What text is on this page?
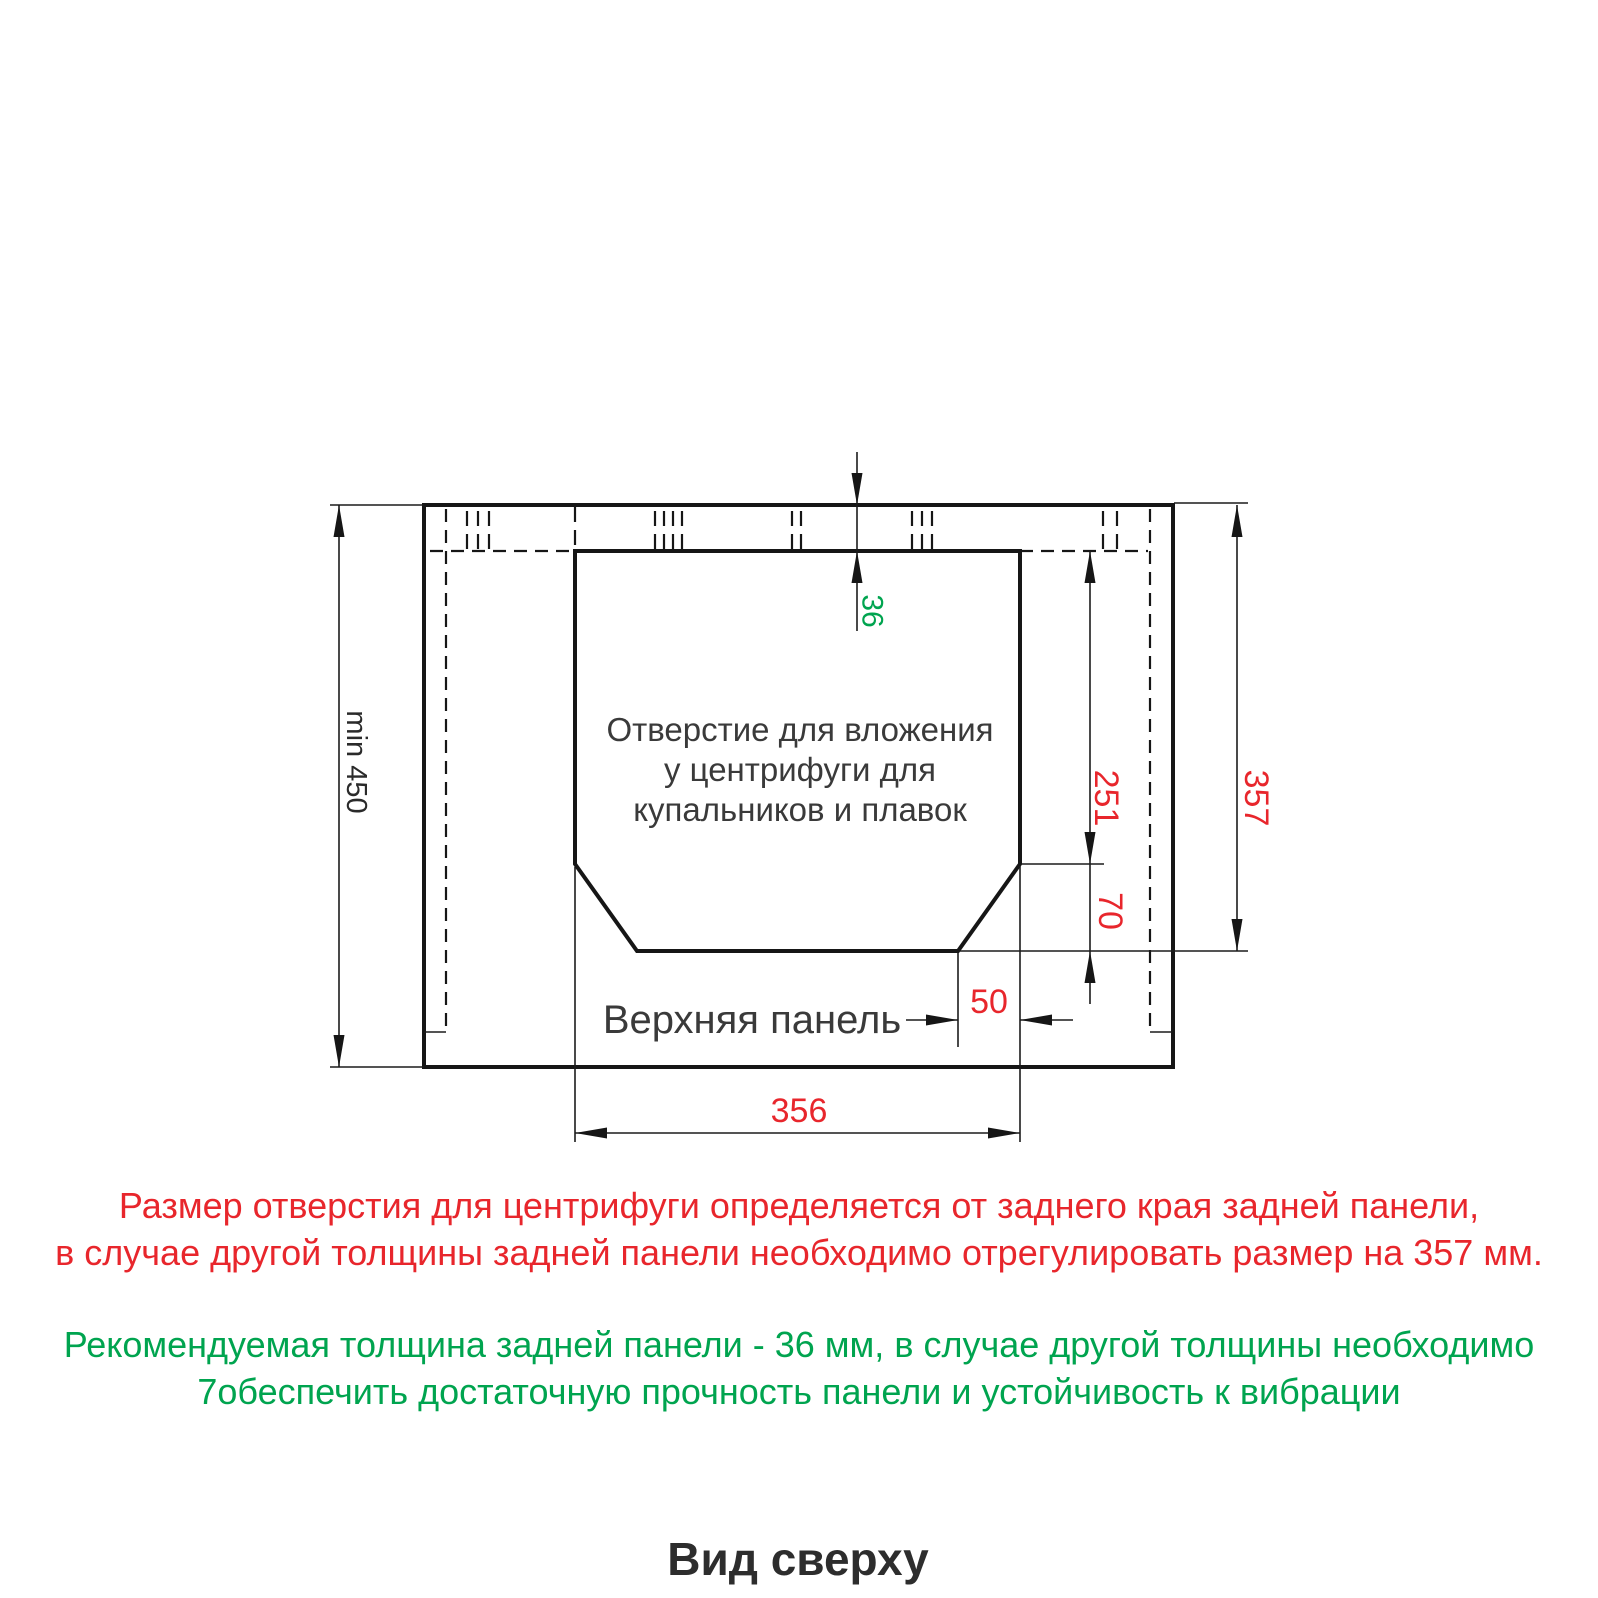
min 450
36
251	357
70
50
356
Отверстие для вложения
у центрифуги для
купальников и плавок
Верхняя панель
Размер отверстия для центрифуги определяется от заднего края задней панели,
в случае другой толщины задней панели необходимо отрегулировать размер на 357 мм.
Рекомендуемая толщина задней панели - 36 мм, в случае другой толщины необходимо
7обеспечить достаточную прочность панели и устойчивость к вибрации
Вид сверху
